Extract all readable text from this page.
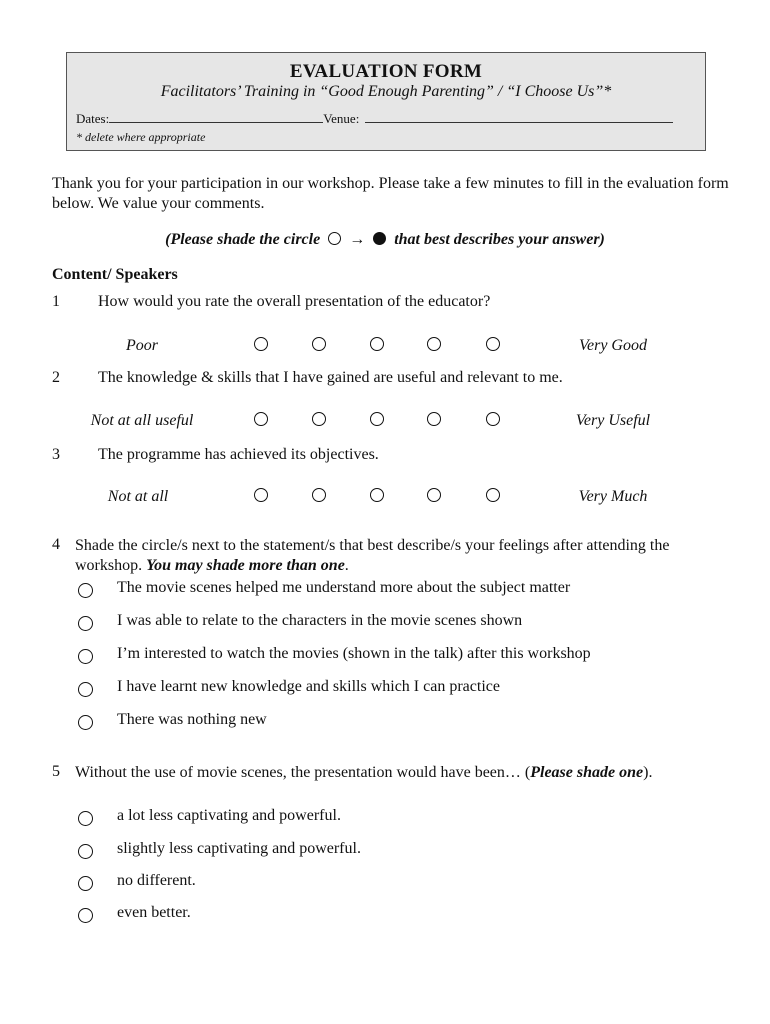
EVALUATION FORM
Facilitators’ Training in “Good Enough Parenting” / “I Choose Us”*
Dates:	Venue:
* delete where appropriate
Thank you for your participation in our workshop. Please take a few minutes to fill in the evaluation form below. We value your comments.
(Please shade the circle → that best describes your answer)
Content/ Speakers
1 How would you rate the overall presentation of the educator?
Poor	Very Good
2 The knowledge & skills that I have gained are useful and relevant to me.
Not at all useful	Very Useful
3 The programme has achieved its objectives.
Not at all	Very Much
4 Shade the circle/s next to the statement/s that best describe/s your feelings after attending the workshop. You may shade more than one.
The movie scenes helped me understand more about the subject matter
I was able to relate to the characters in the movie scenes shown
I’m interested to watch the movies (shown in the talk) after this workshop
I have learnt new knowledge and skills which I can practice
There was nothing new
5 Without the use of movie scenes, the presentation would have been… (Please shade one).
a lot less captivating and powerful.
slightly less captivating and powerful.
no different.
even better.
